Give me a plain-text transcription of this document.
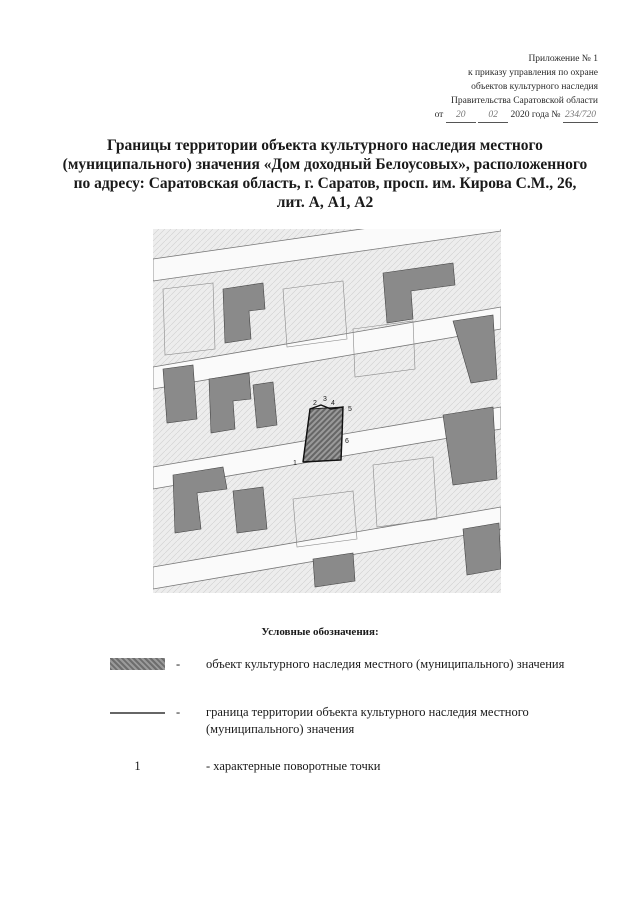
Приложение № 1
к приказу управления по охране
объектов культурного наследия
Правительства Саратовской области
от 20 02 2020 года № 234/720
Границы территории объекта культурного наследия местного
(муниципального) значения «Дом доходный Белоусовых», расположенного
по адресу: Саратовская область, г. Саратов, просп. им. Кирова С.М., 26,
лит. А, А1, А2
1
2
3
4
5
6
Условные обозначения:
- объект культурного наследия местного (муниципального) значения
- граница территории объекта культурного наследия местного (муниципального) значения
1	- характерные поворотные точки
